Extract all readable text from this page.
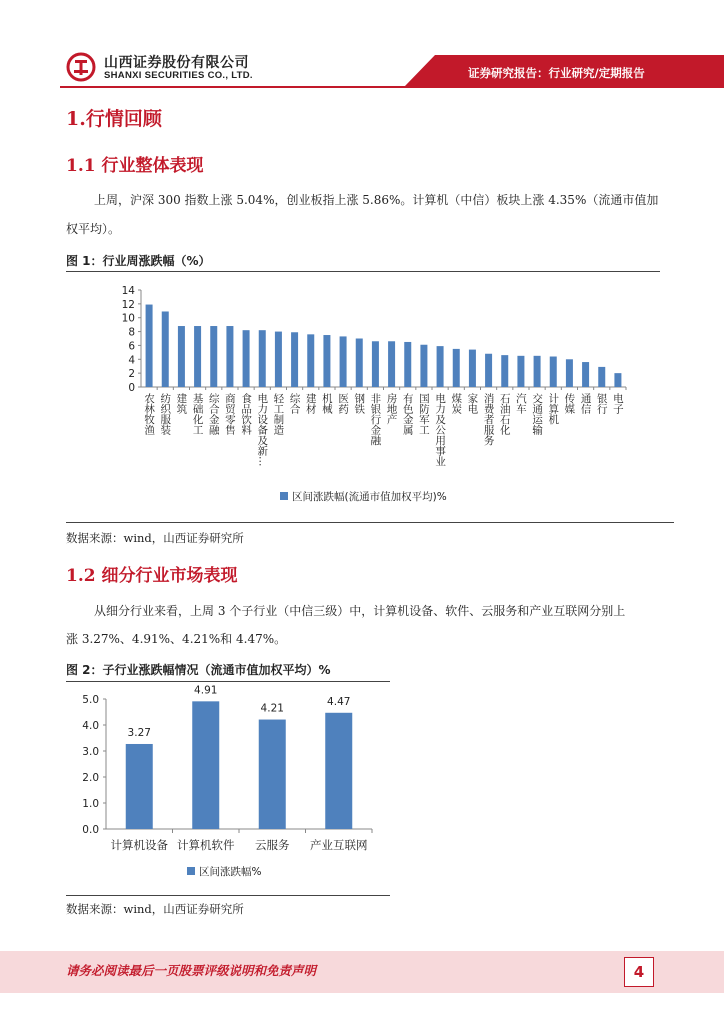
山西证券股份有限公司
SHANXI SECURITIES CO., LTD.	证券研究报告：行业研究/定期报告
1.行情回顾
1.1 行业整体表现
上周，沪深 300 指数上涨 5.04%，创业板指上涨 5.86%。计算机（中信）板块上涨 4.35%（流通市值加
权平均）。
图 1：行业周涨跌幅（%）
0
2
4
6
8
10
12
14
农林牧渔 纺织服装 建筑 基础化工 综合金融 商贸零售 食品饮料 电力设备及新… 轻工制造 综合 建材 机械 医药 钢铁 非银行金融 房地产 有色金属 国防军工 电力及公用事业 煤炭 家电 消费者服务 石油石化 汽车 交通运输 计算机 传媒 通信 银行 电子
区间涨跌幅(流通市值加权平均)%
数据来源：wind，山西证券研究所
1.2 细分行业市场表现
从细分行业来看，上周 3 个子行业（中信三级）中，计算机设备、软件、云服务和产业互联网分别上
涨 3.27%、4.91%、4.21%和 4.47%。
图 2：子行业涨跌幅情况（流通市值加权平均）%
0.0
1.0
2.0
3.0
4.0
5.0
3.27
计算机设备
4.91
计算机软件
4.21
云服务
4.47
产业互联网
区间涨跌幅%
数据来源：wind，山西证券研究所
请务必阅读最后一页股票评级说明和免责声明	4
